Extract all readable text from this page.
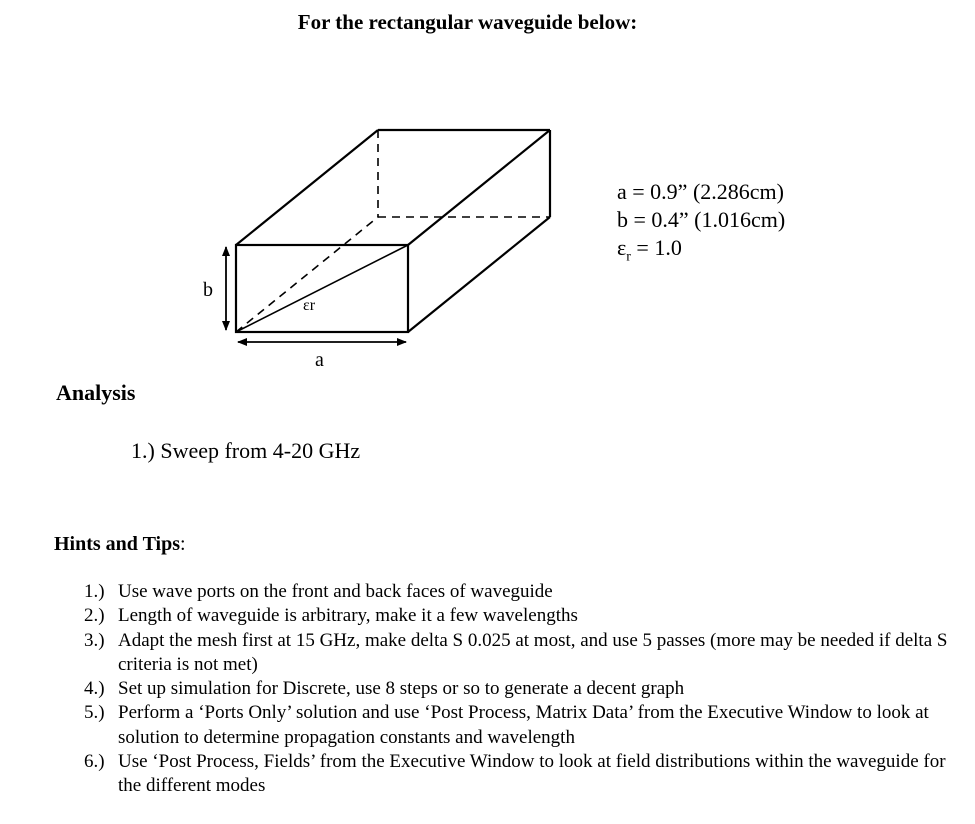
For the rectangular waveguide below:
b
a
εr
a = 0.9” (2.286cm)
b = 0.4” (1.016cm)
$\varepsilon_r = 1.0$
Analysis
1.) Sweep from 4-20 GHz
Hints and Tips:
1.) Use wave ports on the front and back faces of waveguide
2.) Length of waveguide is arbitrary, make it a few wavelengths
3.) Adapt the mesh first at 15 GHz, make delta S 0.025 at most, and use 5 passes (more may be needed if delta S criteria is not met)
4.) Set up simulation for Discrete, use 8 steps or so to generate a decent graph
5.) Perform a ‘Ports Only’ solution and use ‘Post Process, Matrix Data’ from the Executive Window to look at solution to determine propagation constants and wavelength
6.) Use ‘Post Process, Fields’ from the Executive Window to look at field distributions within the waveguide for the different modes
